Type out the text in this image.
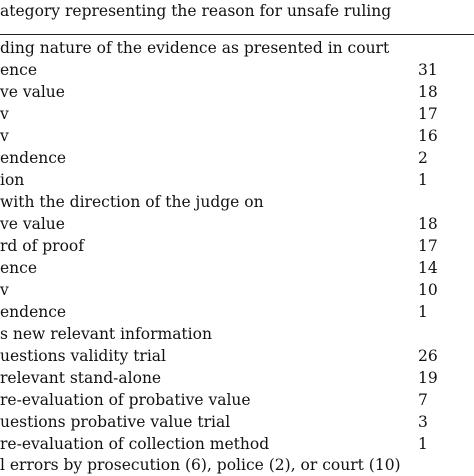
ategory representing the reason for unsafe ruling
ding nature of the evidence as presented in court
ence	31
ve value	18
v	17
v	16
endence	2
ion	1
with the direction of the judge on
ve value	18
rd of proof	17
ence	14
v	10
endence	1
s new relevant information
uestions validity trial	26
relevant stand-alone	19
re-evaluation of probative value	7
uestions probative value trial	3
re-evaluation of collection method	1
l errors by prosecution (6), police (2), or court (10)
